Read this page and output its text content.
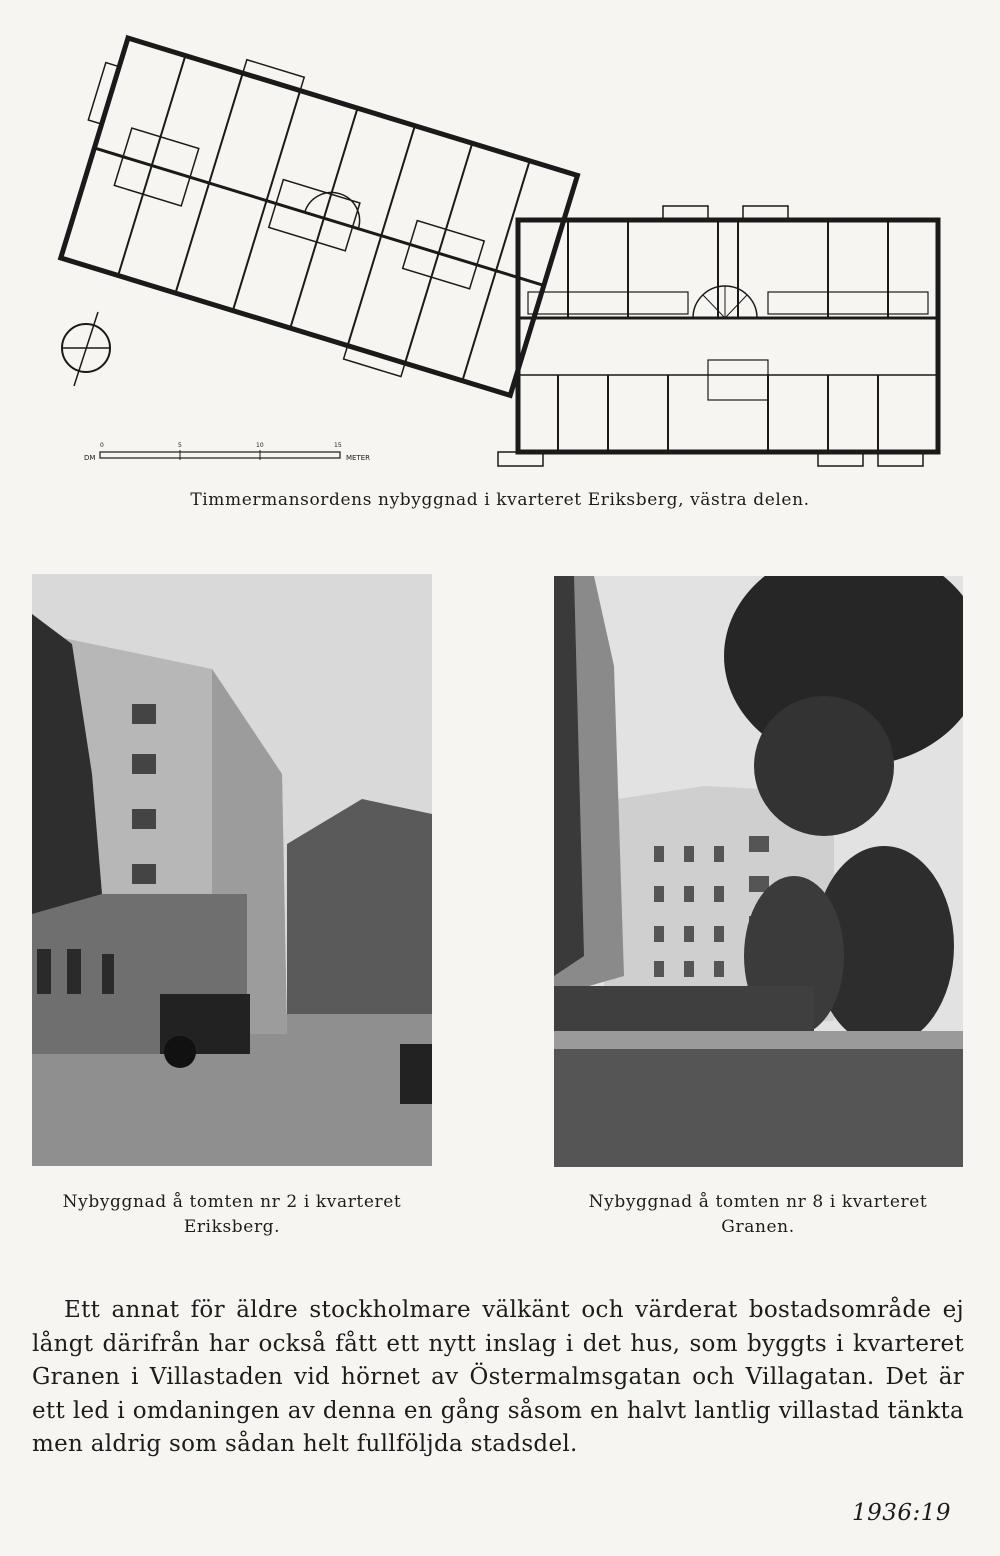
DM
0	5	10	15
METER
Timmermansordens nybyggnad i kvarteret Eriksberg, västra delen.
Nybyggnad å tomten nr 2 i kvarteret Eriksberg.
Nybyggnad å tomten nr 8 i kvarteret Granen.
Ett annat för äldre stockholmare välkänt och värderat bostadsområde ej långt därifrån har också fått ett nytt inslag i det hus, som byggts i kvarteret Granen i Villastaden vid hörnet av Östermalmsgatan och Villagatan. Det är ett led i omdaningen av denna en gång såsom en halvt lantlig villastad tänkta men aldrig som sådan helt fullföljda stadsdel.
1936:19
